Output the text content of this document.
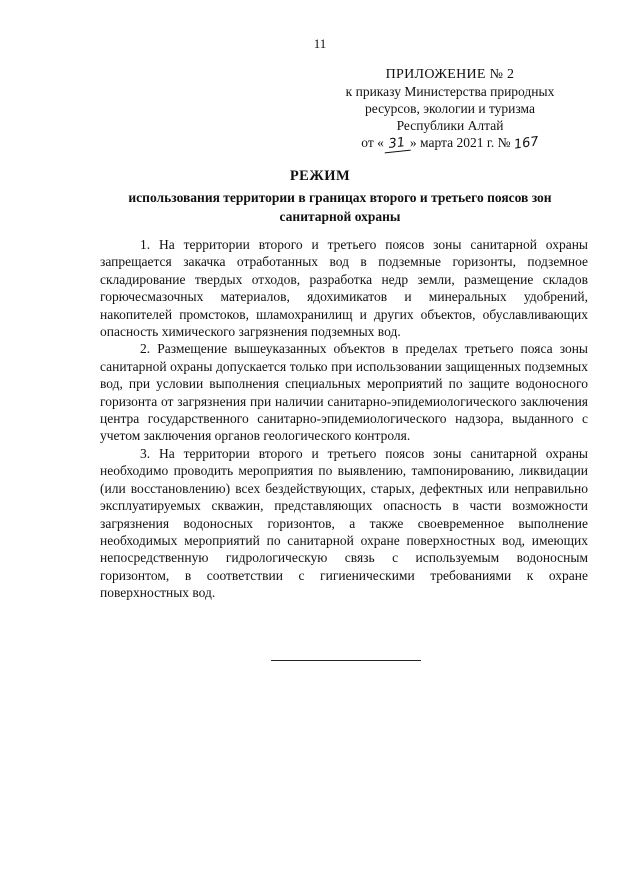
11
ПРИЛОЖЕНИЕ № 2
к приказу Министерства природных
ресурсов, экологии и туризма
Республики Алтай
от « 31 » марта 2021 г. № 167
РЕЖИМ
использования территории в границах второго и третьего поясов зон санитарной охраны

1. На территории второго и третьего поясов зоны санитарной охраны запрещается закачка отработанных вод в подземные горизонты, подземное складирование твердых отходов, разработка недр земли, размещение складов горючесмазочных материалов, ядохимикатов и минеральных удобрений, накопителей промстоков, шламохранилищ и других объектов, обуславливающих опасность химического загрязнения подземных вод.

2. Размещение вышеуказанных объектов в пределах третьего пояса зоны санитарной охраны допускается только при использовании защищенных подземных вод, при условии выполнения специальных мероприятий по защите водоносного горизонта от загрязнения при наличии санитарно-эпидемиологического заключения центра государственного санитарно-эпидемиологического надзора, выданного с учетом заключения органов геологического контроля.

3. На территории второго и третьего поясов зоны санитарной охраны необходимо проводить мероприятия по выявлению, тампонированию, ликвидации (или восстановлению) всех бездействующих, старых, дефектных или неправильно эксплуатируемых скважин, представляющих опасность в части возможности загрязнения водоносных горизонтов, а также своевременное выполнение необходимых мероприятий по санитарной охране поверхностных вод, имеющих непосредственную гидрологическую связь с используемым водоносным горизонтом, в соответствии с гигиеническими требованиями к охране поверхностных вод.
